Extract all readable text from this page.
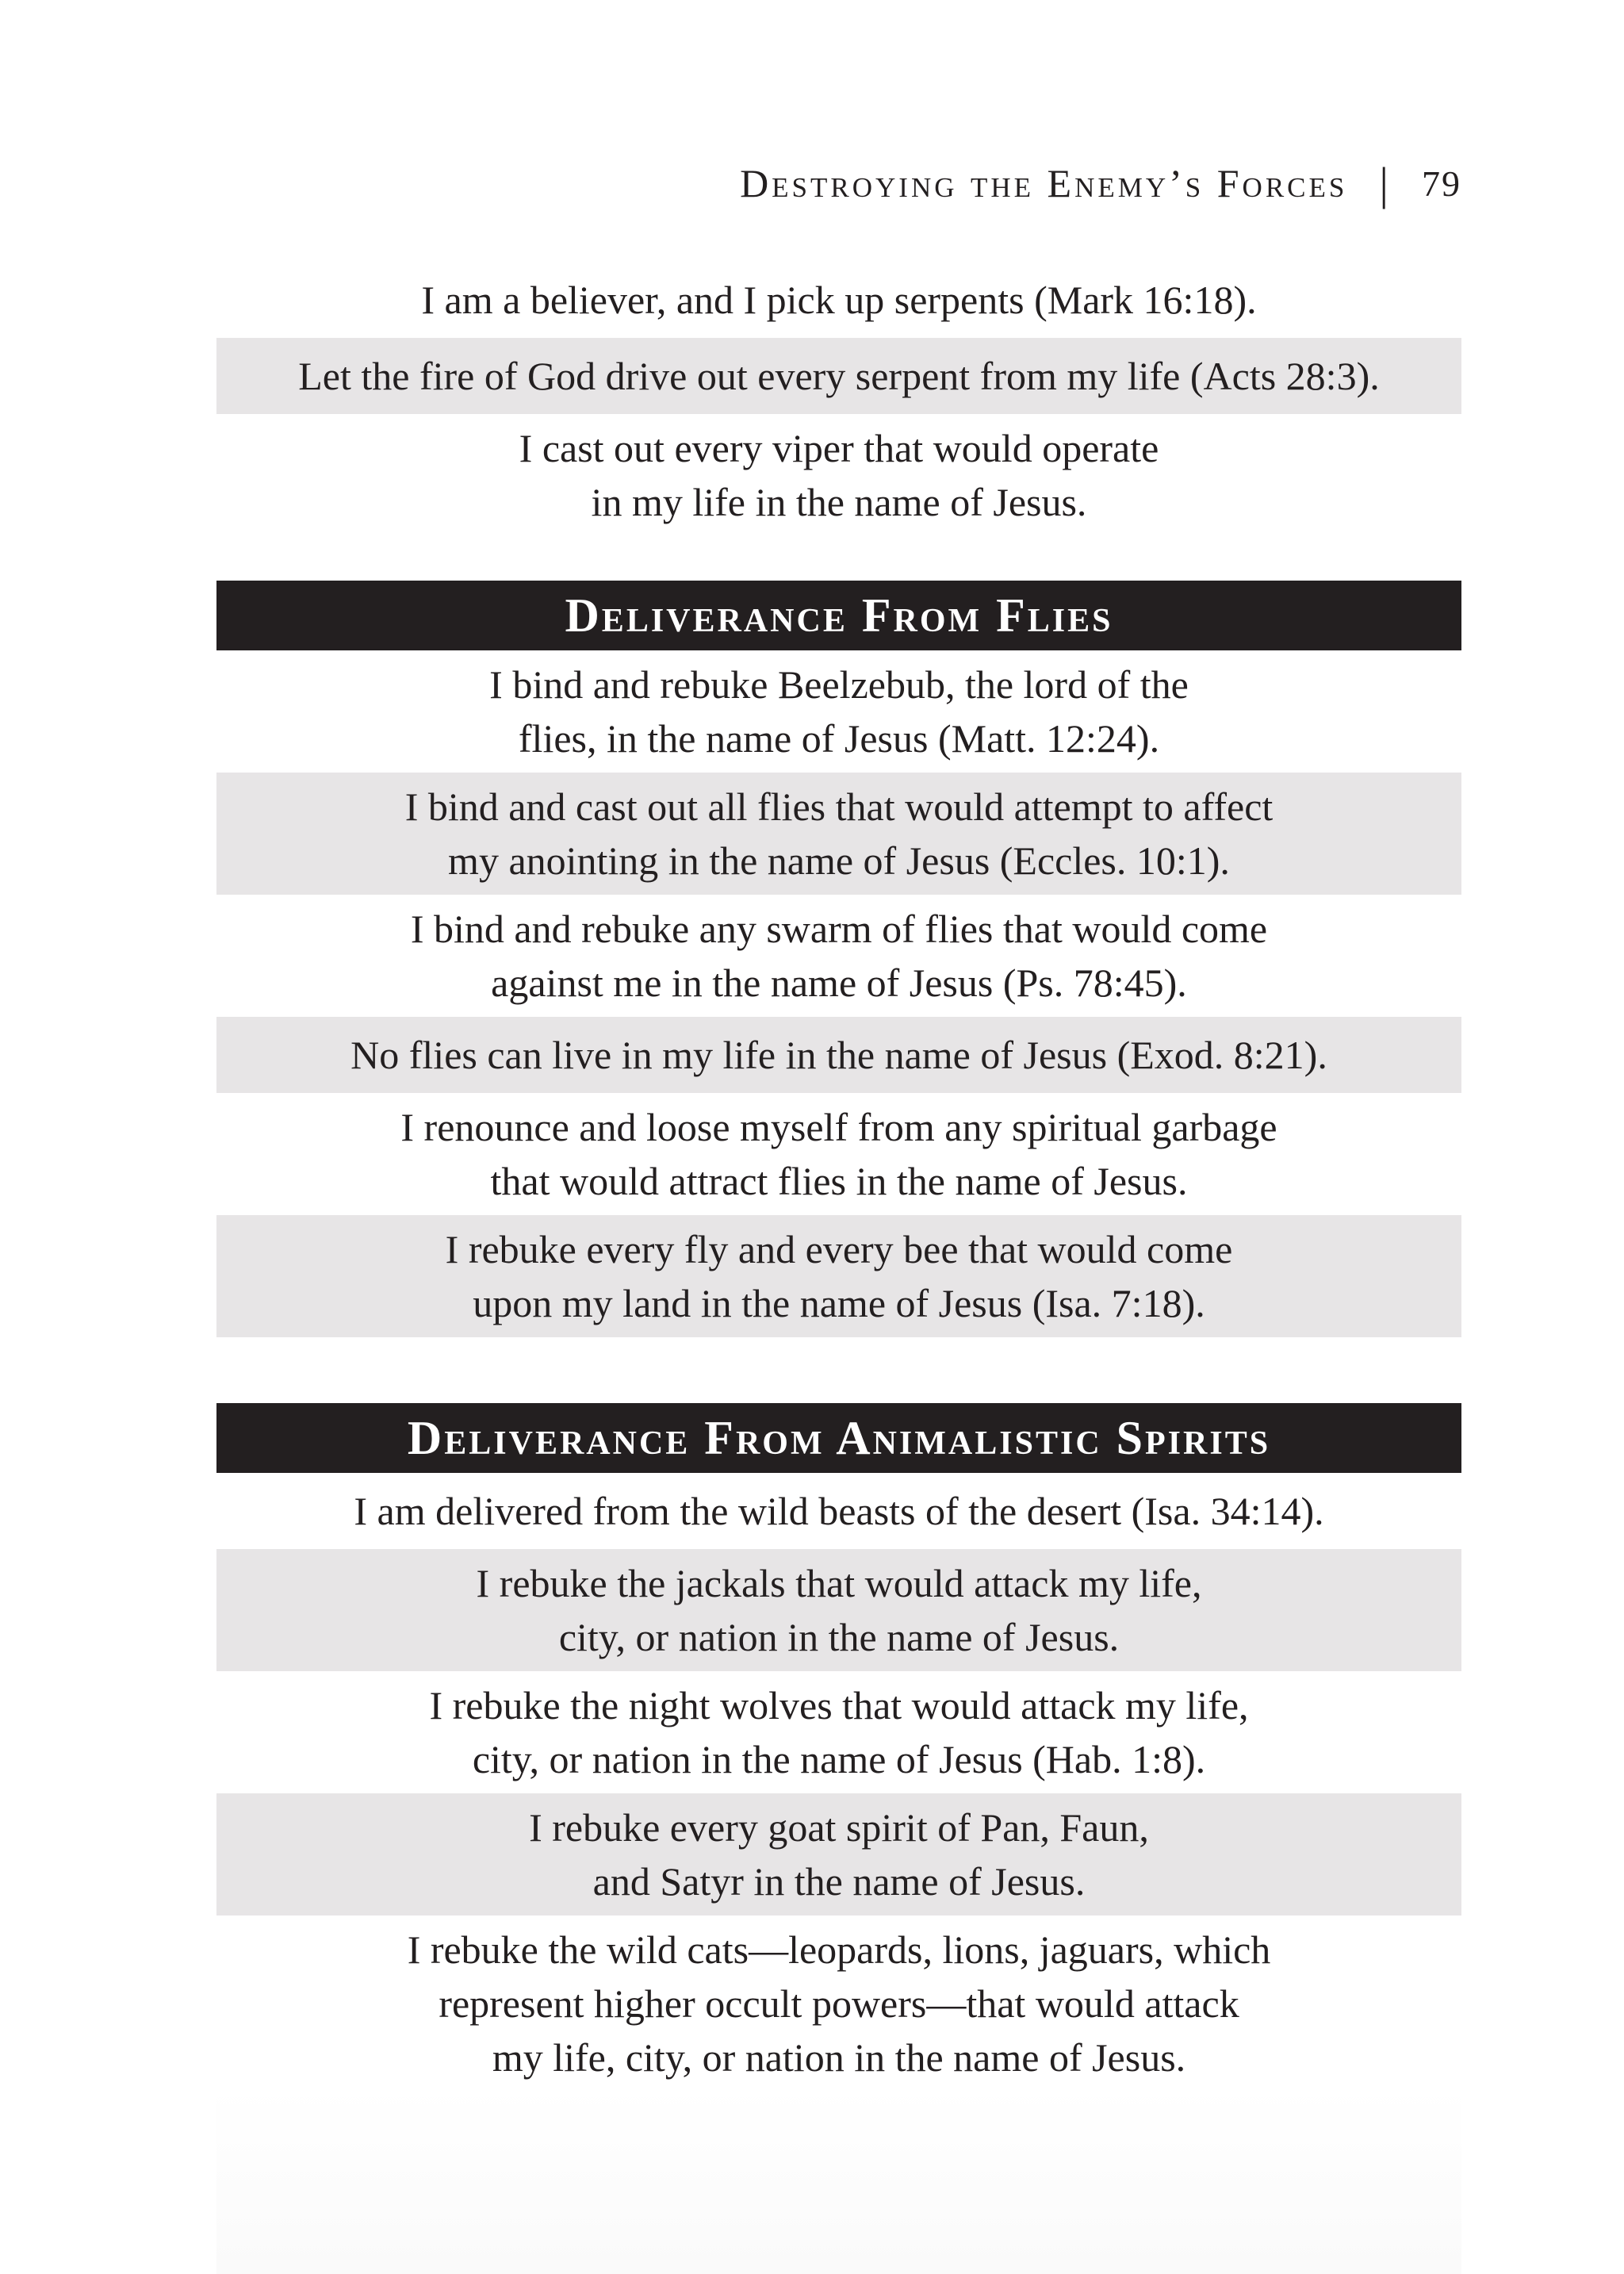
Destroying the Enemy’s Forces | 79
I am a believer, and I pick up serpents (Mark 16:18).
Let the fire of God drive out every serpent from my life (Acts 28:3).
I cast out every viper that would operate
in my life in the name of Jesus.
Deliverance From Flies
I bind and rebuke Beelzebub, the lord of the
flies, in the name of Jesus (Matt. 12:24).
I bind and cast out all flies that would attempt to affect
my anointing in the name of Jesus (Eccles. 10:1).
I bind and rebuke any swarm of flies that would come
against me in the name of Jesus (Ps. 78:45).
No flies can live in my life in the name of Jesus (Exod. 8:21).
I renounce and loose myself from any spiritual garbage
that would attract flies in the name of Jesus.
I rebuke every fly and every bee that would come
upon my land in the name of Jesus (Isa. 7:18).
Deliverance From Animalistic Spirits
I am delivered from the wild beasts of the desert (Isa. 34:14).
I rebuke the jackals that would attack my life,
city, or nation in the name of Jesus.
I rebuke the night wolves that would attack my life,
city, or nation in the name of Jesus (Hab. 1:8).
I rebuke every goat spirit of Pan, Faun,
and Satyr in the name of Jesus.
I rebuke the wild cats—leopards, lions, jaguars, which
represent higher occult powers—that would attack
my life, city, or nation in the name of Jesus.
